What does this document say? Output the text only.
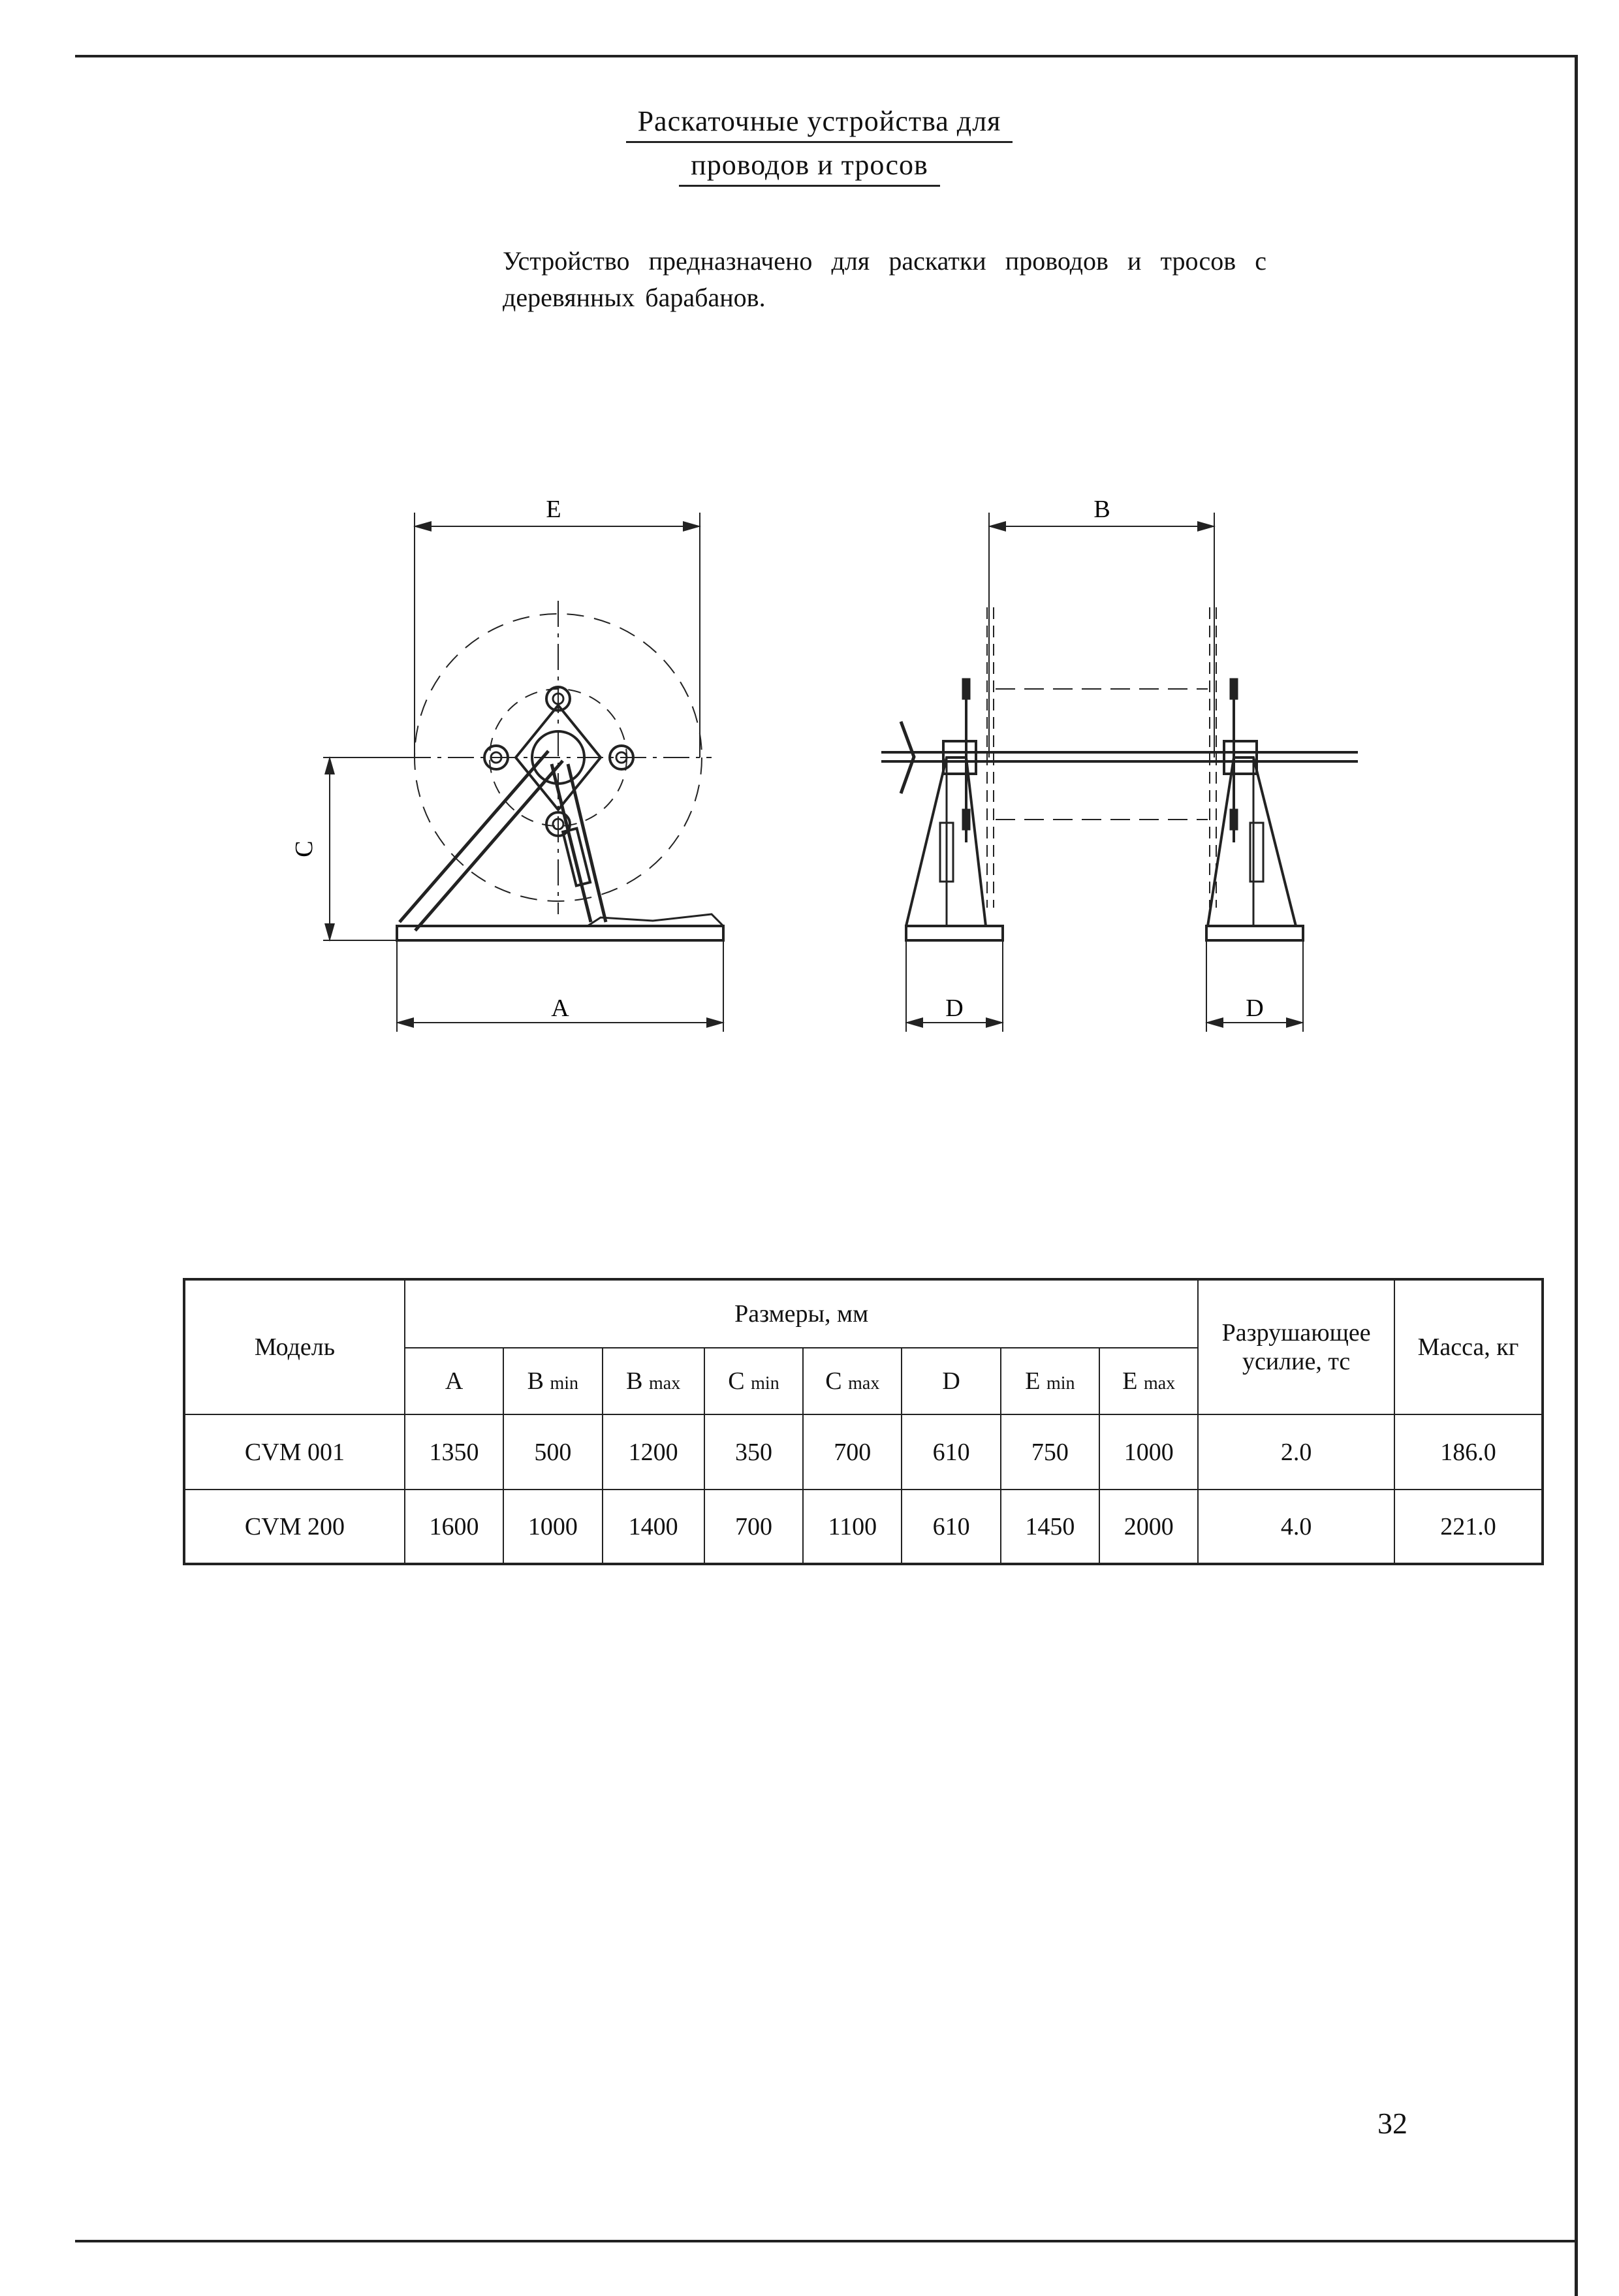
Раскаточные устройства для
проводов и тросов
Устройство предназначено для раскатки проводов и тросов с деревянных барабанов.
E
C
A
B
D	D
Модель	Размеры, мм								Разрушающее усилие, тс	Масса, кг
	A	B min	B max	C min	C max	D	E min	E max		
CVM 001	1350	500	1200	350	700	610	750	1000	2.0	186.0
CVM 200	1600	1000	1400	700	1100	610	1450	2000	4.0	221.0
32
